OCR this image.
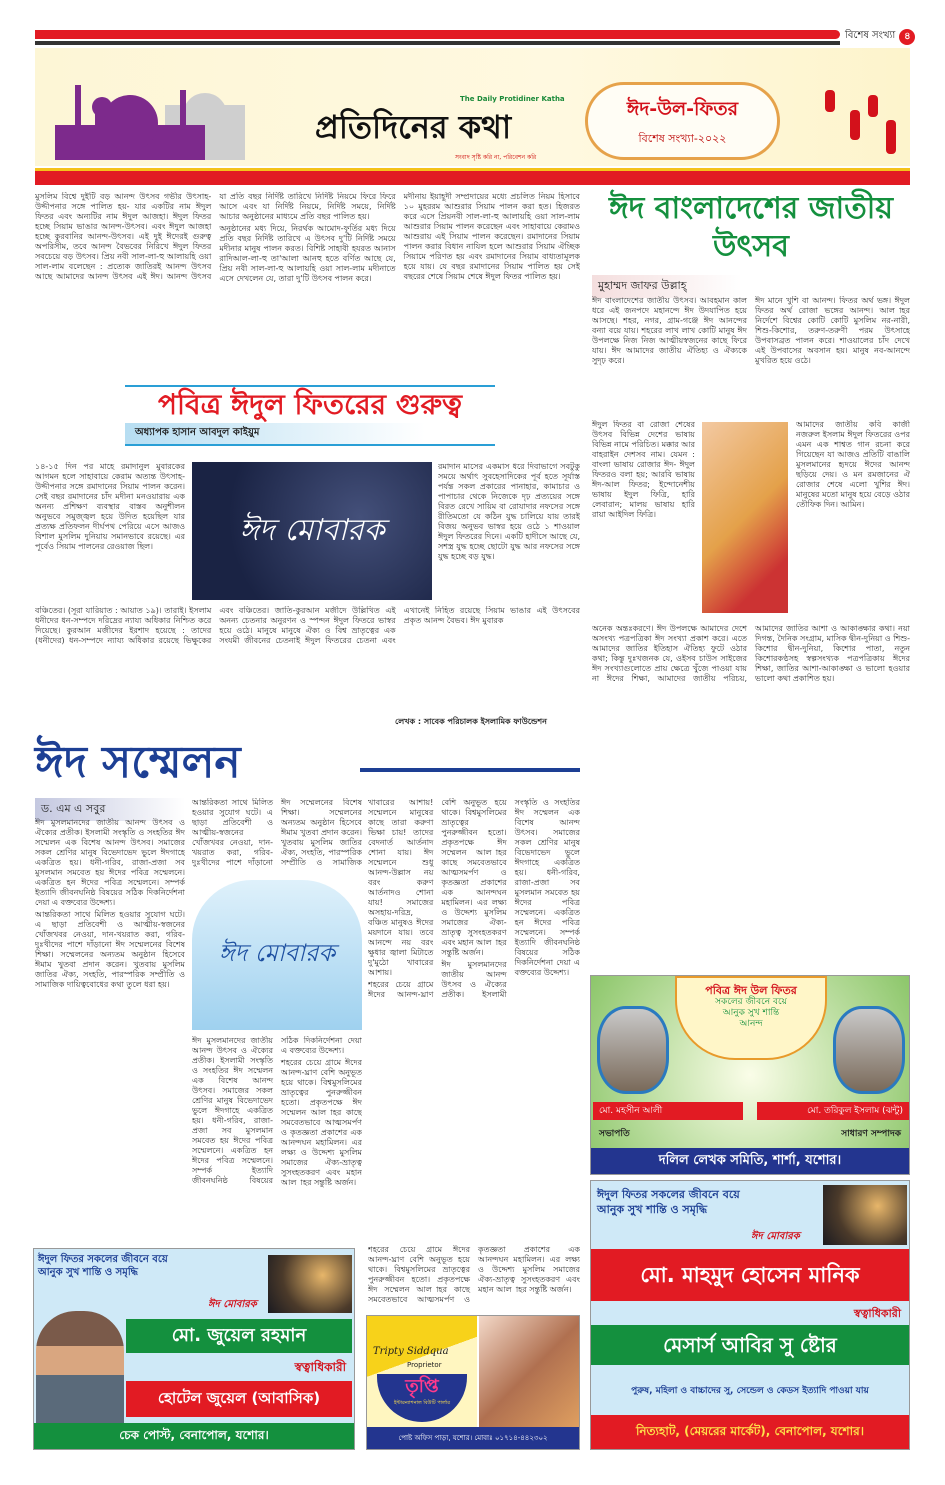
বিশেষ সংখ্যা ৪
The Daily Protidiner Katha
প্রতিদিনের কথা
সংবাদ সৃষ্টি করি না, পরিবেশন করি
ঈদ-উল-ফিতর
বিশেষ সংখ্যা-২০২২

মুসলিম বিশ্বে দুইটি বড় আনন্দ উৎসব গভীর উৎসাহ-উদ্দীপনার সঙ্গে পালিত হয়- যার একটির নাম ঈদুল ফিতর এবং অন্যটির নাম ঈদুল আজহা। ঈদুল ফিতর হচ্ছে সিয়াম ভাঙার আনন্দ-উৎসব। এবং ঈদুল আজহা হচ্ছে কুরবানির আনন্দ-উৎসব। এই দুই ঈদেরই গুরুত্ব অপরিসীম, তবে আনন্দ বৈভবের নিরিখে ঈদুল ফিতর সবচেয়ে বড় উৎসব। প্রিয় নবী সাল-লা-হু আলায়হি ওয়া সাল-লাম বলেছেন : প্রত্যেক জাতিরই আনন্দ উৎসব আছে আমাদের আনন্দ উৎসব এই ঈদ। আনন্দ উৎসব যা প্রতি বছর নির্দিষ্ট তারিখে নির্দিষ্ট নিয়মে ফিরে ফিরে আসে এবং যা নির্দিষ্ট নিয়মে, নির্দিষ্ট সময়ে, নির্দিষ্ট আচার অনুষ্ঠানের মাধ্যমে প্রতি বছর পালিত হয়।

অনুষ্ঠানের মধ্য দিয়ে, নিরর্থক আমোদ-ফূর্তির মধ্য দিয়ে প্রতি বছর নির্দিষ্ট তারিখে এ উৎসব দু'টি নির্দিষ্ট সময়ে মদীনার মানুষ পালন করত। বিশিষ্ট সাহাবী হযরত আনাস রাদিআল-লা-হু তা'আলা আনহু হতে বর্ণিত আছে যে, প্রিয় নবী সাল-লা-হু আলায়হি ওয়া সাল-লাম মদীনাতে এসে দেখলেন যে, তারা দু'টি উৎসব পালন করে।

মদীনায় ইয়াহূদী সম্প্রদায়ের মধ্যে প্রচলিত নিয়ম হিসাবে ১০ মুহররম আশুরার সিয়াম পালন করা হত। হিজরত করে এসে প্রিয়নবী সাল-লা-হু আলায়হি ওয়া সাল-লাম আশুরার সিয়াম পালন করেছেন এবং সাহাবায়ে কেরামও আশুরায় এই সিয়াম পালন করেছেন। রমাদানের সিয়াম পালন করার বিধান নাযিল হলে আশুরার সিয়াম ঐচ্ছিক সিয়ামে পরিণত হয় এবং রমাদানের সিয়াম বাধ্যতামূলক হয়ে যায়। যে বছর রমাদানের সিয়াম পালিত হয় সেই বছরের শেষে সিয়াম শেষে ঈদুল ফিতর পালিত হয়।

পবিত্র ঈদুল ফিতরের গুরুত্ব
অধ্যাপক হাসান আবদুল কাইয়ুম

১৪-১৫ দিন পর মাহে রমাদানুল মুবারকের আগমন হলে সাহাবায়ে কেরাম অত্যন্ত উৎসাহ-উদ্দীপনার সঙ্গে রমাদানের সিয়াম পালন করেন। সেই বছর রমাদানের চাঁদ মদীনা মনওয়ারায় এক অনন্য প্রশিক্ষণ ব্যবস্থার বাস্তব অনুশীলন অনুভবে সমুজ্জ্বল হয়ে উদিত হয়েছিল যার প্রত্যক্ষ প্রতিফলন দীর্ঘপথ পেরিয়ে এসে আজও বিশাল মুসলিম দুনিয়ায় সমানভাবে রয়েছে। এর পূর্বেও সিয়াম পালনের রেওয়াজ ছিল।	ঈদ মোবারক

রমাদান মাসের একমাস ধরে দিবাভাগে সবটুকু সময়ে অর্থাৎ সুবহেসাদিকের পূর্ব হতে সূর্যাস্ত পর্যন্ত সকল প্রকারের পানাহার, কামাচার ও পাপাচার থেকে নিজেকে দৃঢ় প্রত্যয়ের সঙ্গে বিরত রেখে সায়িম বা রোযাদার নফসের সঙ্গে রীতিমতো যে কঠিন যুদ্ধ চালিয়ে যায় তারই বিজয় অনুভব ভাস্বর হয়ে ওঠে ১ শাওয়াল ঈদুল ফিতরের দিনে। একটি হাদীসে আছে যে, সশস্ত্র যুদ্ধ হচ্ছে ছোটো যুদ্ধ আর নফসের সঙ্গে যুদ্ধ হচ্ছে বড় যুদ্ধ।

বঞ্চিতের। (সূরা যারিয়াত : আয়াত ১৯)। তারাই। ইসলাম ধনীদের ধন-সম্পদে দরিদ্রের ন্যায্য অধিকার নিশ্চিত করে দিয়েছে। কুরআন মজীদের ইরশাদ হয়েছে : তাদের (ধনীদের) ধন-সম্পদে ন্যায্য অধিকার রয়েছে ভিক্ষুকের এবং বঞ্চিতের। জাতি-কুরআন মজীদে উল্লিখিত এই অনন্য চেতনার অনুরণন ও স্পন্দন ঈদুল ফিতরে ভাস্বর হয়ে ওঠে। মানুষে মানুষে ঐক্য ও বিশ্ব ভ্রাতৃত্বের এক সংযমী জীবনের চেতনাই ঈদুল ফিতরের চেতনা এবং এখানেই নিহিত রয়েছে সিয়াম ভাঙার এই উৎসবের প্রকৃত আনন্দ বৈভব। ঈদ মুবারক

লেখক : সাবেক পরিচালক ইসলামিক ফাউন্ডেশন
ঈদ সম্মেলন
ড. এম এ সবুর

ঈদ মুসলমানদের জাতীয় আনন্দ উৎসব ও ঐক্যের প্রতীক। ইসলামী সংস্কৃতি ও সংহতির ঈদ সম্মেলন এক বিশেষ আনন্দ উৎসব। সমাজের সকল শ্রেণির মানুষ বিভেদাভেদ ভুলে ঈদগাহে একত্রিত হয়। ধনী-গরিব, রাজা-প্রজা সব মুসলমান সমবেত হয় ঈদের পবিত্র সম্মেলনে। একত্রিত হন ঈদের পবিত্র সম্মেলনে। সম্পর্ক ইত্যাদি জীবনঘনিষ্ঠ বিষয়ের সঠিক দিকনির্দেশনা দেয়া এ বক্তব্যের উদ্দেশ্য।

আন্তরিকতা সাথে মিলিত হওয়ার সুযোগ ঘটে। এ ছাড়া প্রতিবেশী ও আত্মীয়-স্বজনের খোঁজখবর নেওয়া, দান-খয়রাত করা, গরিব-দুঃখীদের পাশে দাঁড়ানো ঈদ সম্মেলনের বিশেষ শিক্ষা। সম্মেলনের অন্যতম অনুষ্ঠান হিসেবে ঈমাম খুতবা প্রদান করেন। খুতবায় মুসলিম জাতির ঐক্য, সংহতি, পারস্পরিক সম্প্রীতি ও সামাজিক দায়িত্ববোধের কথা তুলে ধরা হয়।

আন্তরিকতা সাথে মিলিত হওয়ার সুযোগ ঘটে। এ ছাড়া প্রতিবেশী ও আত্মীয়-স্বজনের খোঁজখবর নেওয়া, দান-খয়রাত করা, গরিব-দুঃখীদের পাশে দাঁড়ানো ঈদ সম্মেলনের বিশেষ শিক্ষা। সম্মেলনের অন্যতম অনুষ্ঠান হিসেবে ঈমাম খুতবা প্রদান করেন। খুতবায় মুসলিম জাতির ঐক্য, সংহতি, পারস্পরিক সম্প্রীতি ও সামাজিক

ঈদ মোবারক

ঈদ মুসলমানদের জাতীয় আনন্দ উৎসব ও ঐক্যের প্রতীক। ইসলামী সংস্কৃতি ও সংহতির ঈদ সম্মেলন এক বিশেষ আনন্দ উৎসব। সমাজের সকল শ্রেণির মানুষ বিভেদাভেদ ভুলে ঈদগাহে একত্রিত হয়। ধনী-গরিব, রাজা-প্রজা সব মুসলমান সমবেত হয় ঈদের পবিত্র সম্মেলনে। একত্রিত হন ঈদের পবিত্র সম্মেলনে। সম্পর্ক ইত্যাদি জীবনঘনিষ্ঠ বিষয়ের সঠিক দিকনির্দেশনা দেয়া এ বক্তব্যের উদ্দেশ্য।

শহরের চেয়ে গ্রামে ঈদের আনন্দ-ঘ্রাণ বেশি অনুভূত হয়ে থাকে। বিশ্বমুসলিমের ভ্রাতৃত্বের পুনরুজ্জীবন হতো। প্রকৃতপক্ষে ঈদ সম্মেলন আল-াহর কাছে সমবেতভাবে আত্মসমর্পণ ও কৃতজ্ঞতা প্রকাশের এক আনন্দঘন মহামিলন। এর লক্ষ্য ও উদ্দেশ্য মুসলিম সমাজের ঐক্য-ভ্রাতৃত্ব সুসংহতকরণ এবং মহান আল-াহর সন্তুষ্টি অর্জন।

খাবারের আশায়! সম্মেলনে মানুষের কাছে তারা করুণা ভিক্ষা চায়! তাদের বেদনার্ত আর্তনাদ শোনা যায়। ঈদ সম্মেলনে শুধু আনন্দ-উল্লাস নয় বরং করুণ আর্তনাদও শোনা যায়! সমাজের অসহায়-দরিদ্র, বঞ্চিত মানুষও ঈদের ময়দানে যায়। তবে আনন্দে নয় বরং ক্ষুধার জ্বালা মিটাতে দু'মুঠো খাবারের আশায়।

শহরের চেয়ে গ্রামে ঈদের আনন্দ-ঘ্রাণ বেশি অনুভূত হয়ে থাকে। বিশ্বমুসলিমের ভ্রাতৃত্বের পুনরুজ্জীবন হতো। প্রকৃতপক্ষে ঈদ সম্মেলন আল-াহর কাছে সমবেতভাবে আত্মসমর্পণ ও কৃতজ্ঞতা প্রকাশের এক আনন্দঘন মহামিলন। এর লক্ষ্য ও উদ্দেশ্য মুসলিম সমাজের ঐক্য-ভ্রাতৃত্ব সুসংহতকরণ এবং মহান আল-াহর সন্তুষ্টি অর্জন।

ঈদ মুসলমানদের জাতীয় আনন্দ উৎসব ও ঐক্যের প্রতীক। ইসলামী সংস্কৃতি ও সংহতির ঈদ সম্মেলন এক বিশেষ আনন্দ উৎসব। সমাজের সকল শ্রেণির মানুষ বিভেদাভেদ ভুলে ঈদগাহে একত্রিত হয়। ধনী-গরিব, রাজা-প্রজা সব মুসলমান সমবেত হয় ঈদের পবিত্র সম্মেলনে। একত্রিত হন ঈদের পবিত্র সম্মেলনে। সম্পর্ক ইত্যাদি জীবনঘনিষ্ঠ বিষয়ের সঠিক দিকনির্দেশনা দেয়া এ বক্তব্যের উদ্দেশ্য।

শহরের চেয়ে গ্রামে ঈদের আনন্দ-ঘ্রাণ বেশি অনুভূত হয়ে থাকে। বিশ্বমুসলিমের ভ্রাতৃত্বের পুনরুজ্জীবন হতো। প্রকৃতপক্ষে ঈদ সম্মেলন আল-াহর কাছে সমবেতভাবে আত্মসমর্পণ ও কৃতজ্ঞতা প্রকাশের এক আনন্দঘন মহামিলন। এর লক্ষ্য ও উদ্দেশ্য মুসলিম সমাজের ঐক্য-ভ্রাতৃত্ব সুসংহতকরণ এবং মহান আল-াহর সন্তুষ্টি অর্জন।

ঈদ বাংলাদেশের জাতীয় উৎসব
মুহাম্মদ জাফর উল্লাহ্

ঈদ বাংলাদেশের জাতীয় উৎসব। আবহমান কাল ধরে এই জনপদে মহানন্দে ঈদ উদযাপিত হয়ে আসছে। শহর, নগর, গ্রাম-গঞ্জে ঈদ আনন্দের বন্যা বয়ে যায়। শহরের লাখ লাখ কোটি মানুষ ঈদ উপলক্ষে নিজ নিজ আত্মীয়স্বজনের কাছে ফিরে যায়। ঈদ আমাদের জাতীয় ঐতিহ্য ও ঐক্যকে সুদৃঢ় করে।

ঈদ মানে খুশি বা আনন্দ। ফিতর অর্থ ভঙ্গ। ঈদুল ফিতর অর্থ রোজা ভঙ্গের আনন্দ। আল-াহর নির্দেশে বিশ্বের কোটি কোটি মুসলিম নর-নারী, শিশু-কিশোর, তরুণ-তরুণী পরম উৎসাহে উপবাসব্রত পালন করে। শাওয়ালের চাঁদ দেখে এই উপবাসের অবসান হয়। মানুষ নব-আনন্দে মুখরিত হয়ে ওঠে।

ঈদুল ফিতর বা রোজা শেষের উৎসব বিভিন্ন দেশের ভাষায় বিভিন্ন নামে পরিচিত। মক্কার আর বাহরাইন দেশসব নাম। যেমন : বাংলা ভাষায় রোজার ঈদ- ঈদুল ফিতরও বলা হয়; আরবি ভাষায় ঈদ-আল ফিতর; ইন্দোনেশীয় ভাষায় ইদুল ফিত্রি, হারি লেবারান; মালয় ভাষায় হারি রায়া আইদিল ফিত্রি।

আমাদের জাতীয় কবি কাজী নজরুল ইসলাম ঈদুল ফিতরের ওপর এমন এক শাশ্বত গান রচনা করে গিয়েছেন যা আজও প্রতিটি বাঙালি মুসলমানের হৃদয়ে ঈদের আনন্দ ছড়িয়ে দেয়। ও মন রমজানের ঐ রোজার শেষে এলো খুশির ঈদ। মানুষের মতো মানুষ হয়ে বেড়ে ওঠার তৌফিক দিন। আমিন।

অনেক অন্তঃকরণে। ঈদ উপলক্ষে আমাদের দেশে অসংখ্য পত্রপত্রিকা ঈদ সংখ্যা প্রকাশ করে। এতে আমাদের জাতির ইতিহাস ঐতিহ্য ফুটে ওঠার কথা; কিন্তু দুঃখজনক যে, ওইসব চাউস সাইজের ঈদ সংখ্যাগুলোতে প্রায় ক্ষেত্রে খুঁজে পাওয়া যায় না ঈদের শিক্ষা, আমাদের জাতীয় পরিচয়, আমাদের জাতির আশা ও আকাঙ্ক্ষার কথা। নয়া দিগন্ত, দৈনিক সংগ্রাম, মাসিক দ্বীন-দুনিয়া ও শিশু-কিশোর দ্বীন-দুনিয়া, কিশোর পাতা, নতুন কিশোরকণ্ঠসহ স্বল্পসংখ্যক পত্রপত্রিকায় ঈদের শিক্ষা, জাতির আশা-আকাঙ্ক্ষা ও ভালো হওয়ার ভালো কথা প্রকাশিত হয়।

পবিত্র ঈদ উল ফিতর
সকলের জীবনে বয়ে
আনুক সুখ শান্তি
আনন্দ
মো. মহসীন আলী	মো. তরিকুল ইসলাম (ঝন্টু)
সভাপতি	সাধারণ সম্পাদক
দলিল লেখক সমিতি, শার্শা, যশোর।
ঈদুল ফিতর সকলের জীবনে বয়ে
আনুক সুখ শান্তি ও সমৃদ্ধি
ঈদ মোবারক
মো. মাহমুদ হোসেন মানিক
স্বত্বাধিকারী
মেসার্স আবির সু ষ্টোর
পুরুষ, মহিলা ও বাচ্চাদের সু, সেন্ডেল ও কেডস ইত্যাদি পাওয়া যায়
নিত্যহাট, (মেয়রের মার্কেট), বেনাপোল, যশোর।
ঈদুল ফিতর সকলের জীবনে বয়ে
আনুক সুখ শান্তি ও সমৃদ্ধি
ঈদ মোবারক
মো. জুয়েল রহমান
স্বত্বাধিকারী
হোটেল জুয়েল (আবাসিক)
চেক পোস্ট, বেনাপোল, যশোর।
Tripty Siddqua
Proprietor
তৃপ্তি
ইন্টারন্যাশনাল বিউটি পার্লার
পোষ্ট অফিস পাড়া, যশোর। মোবাঃ ০১৭১৪-৪৪২৩০২
